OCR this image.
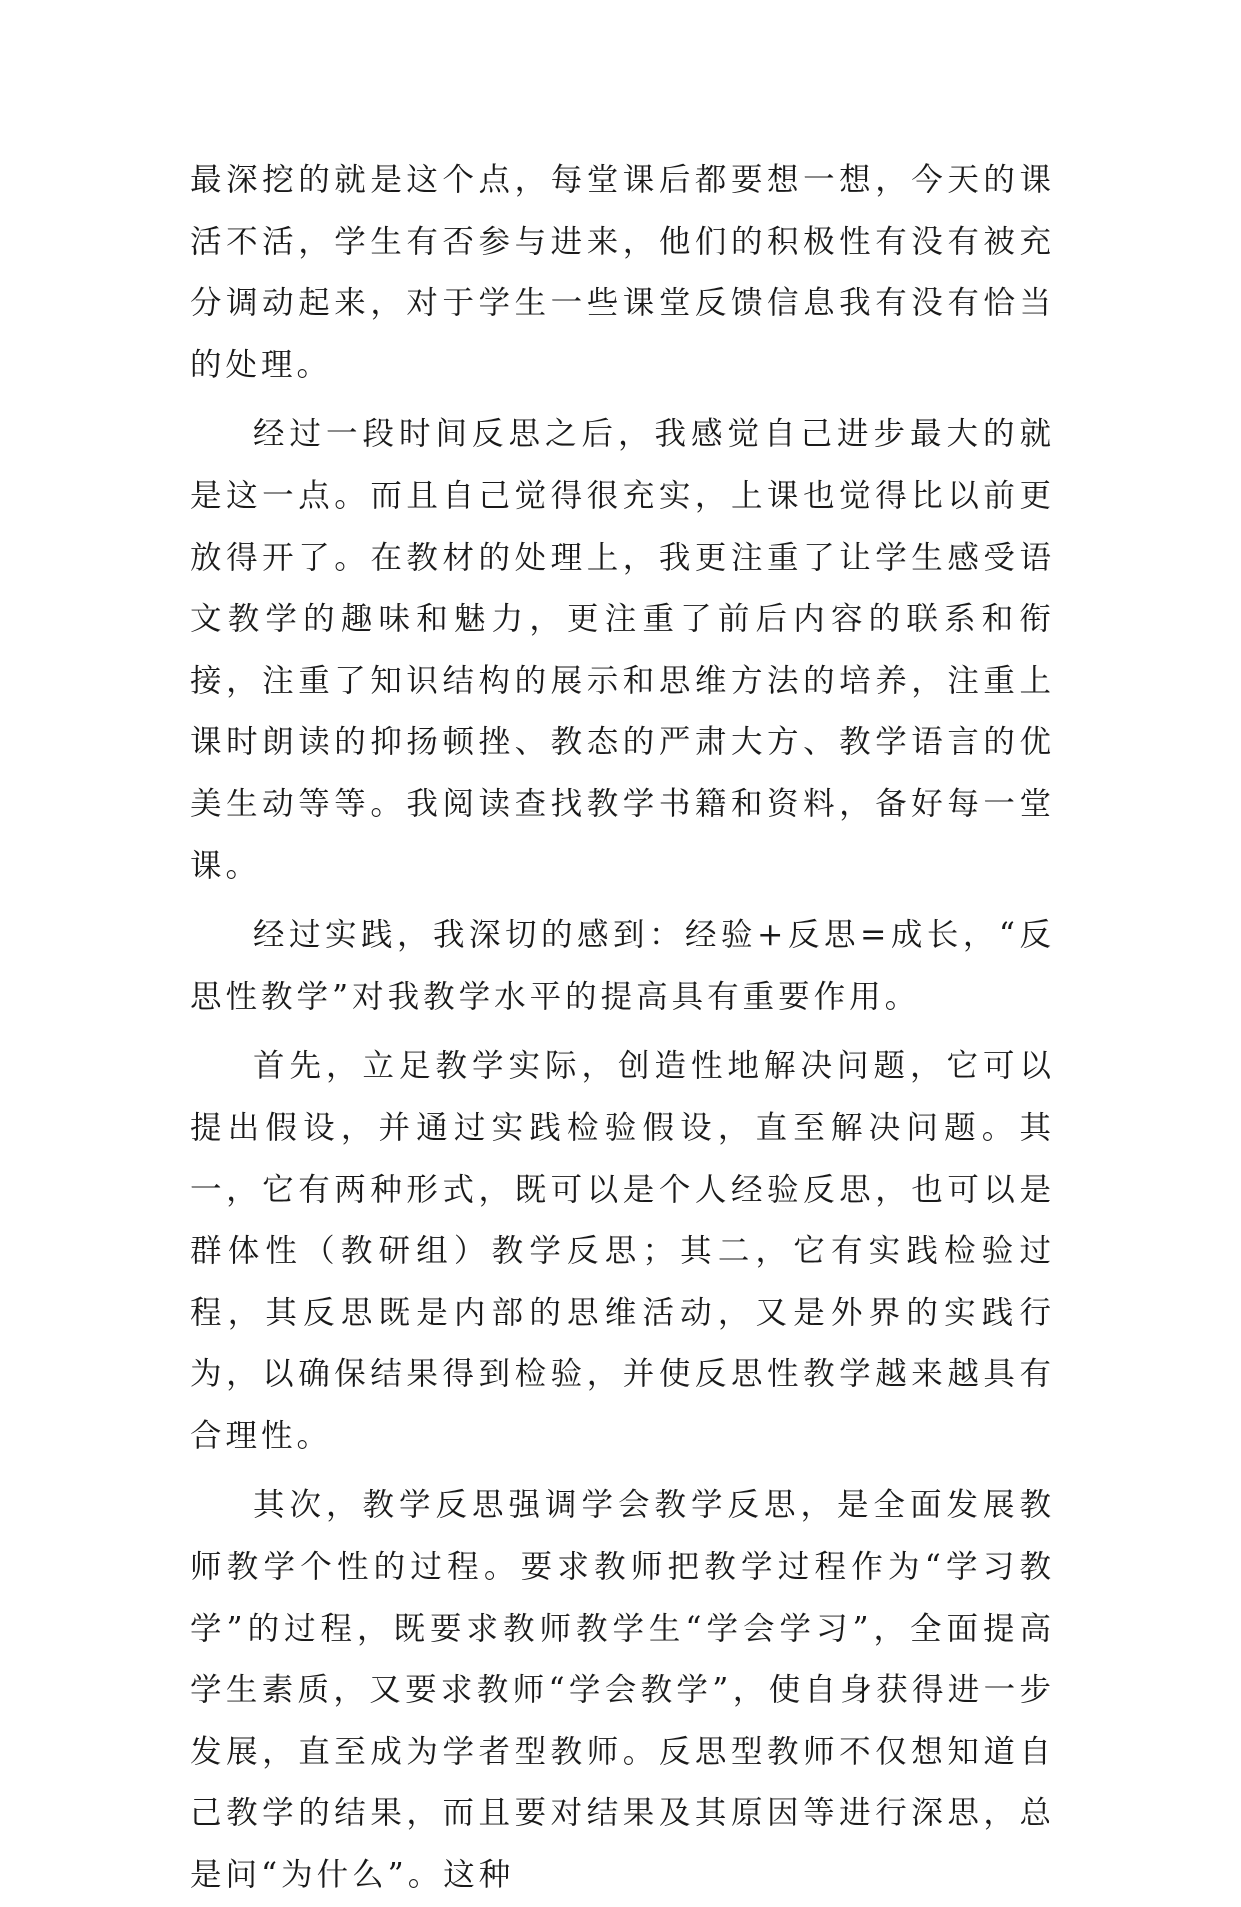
最深挖的就是这个点，每堂课后都要想一想，今天的课活不活，学生有否参与进来，他们的积极性有没有被充分调动起来，对于学生一些课堂反馈信息我有没有恰当的处理。

经过一段时间反思之后，我感觉自己进步最大的就是这一点。而且自己觉得很充实，上课也觉得比以前更放得开了。在教材的处理上，我更注重了让学生感受语文教学的趣味和魅力，更注重了前后内容的联系和衔接，注重了知识结构的展示和思维方法的培养，注重上课时朗读的抑扬顿挫、教态的严肃大方、教学语言的优美生动等等。我阅读查找教学书籍和资料，备好每一堂课。

经过实践，我深切的感到：经验+反思=成长，“反思性教学”对我教学水平的提高具有重要作用。

首先，立足教学实际，创造性地解决问题，它可以提出假设，并通过实践检验假设，直至解决问题。其一，它有两种形式，既可以是个人经验反思，也可以是群体性（教研组）教学反思；其二，它有实践检验过程，其反思既是内部的思维活动，又是外界的实践行为，以确保结果得到检验，并使反思性教学越来越具有合理性。

其次，教学反思强调学会教学反思，是全面发展教师教学个性的过程。要求教师把教学过程作为“学习教学”的过程，既要求教师教学生“学会学习”，全面提高学生素质，又要求教师“学会教学”，使自身获得进一步发展，直至成为学者型教师。反思型教师不仅想知道自己教学的结果，而且要对结果及其原因等进行深思，总是问“为什么”。这种
